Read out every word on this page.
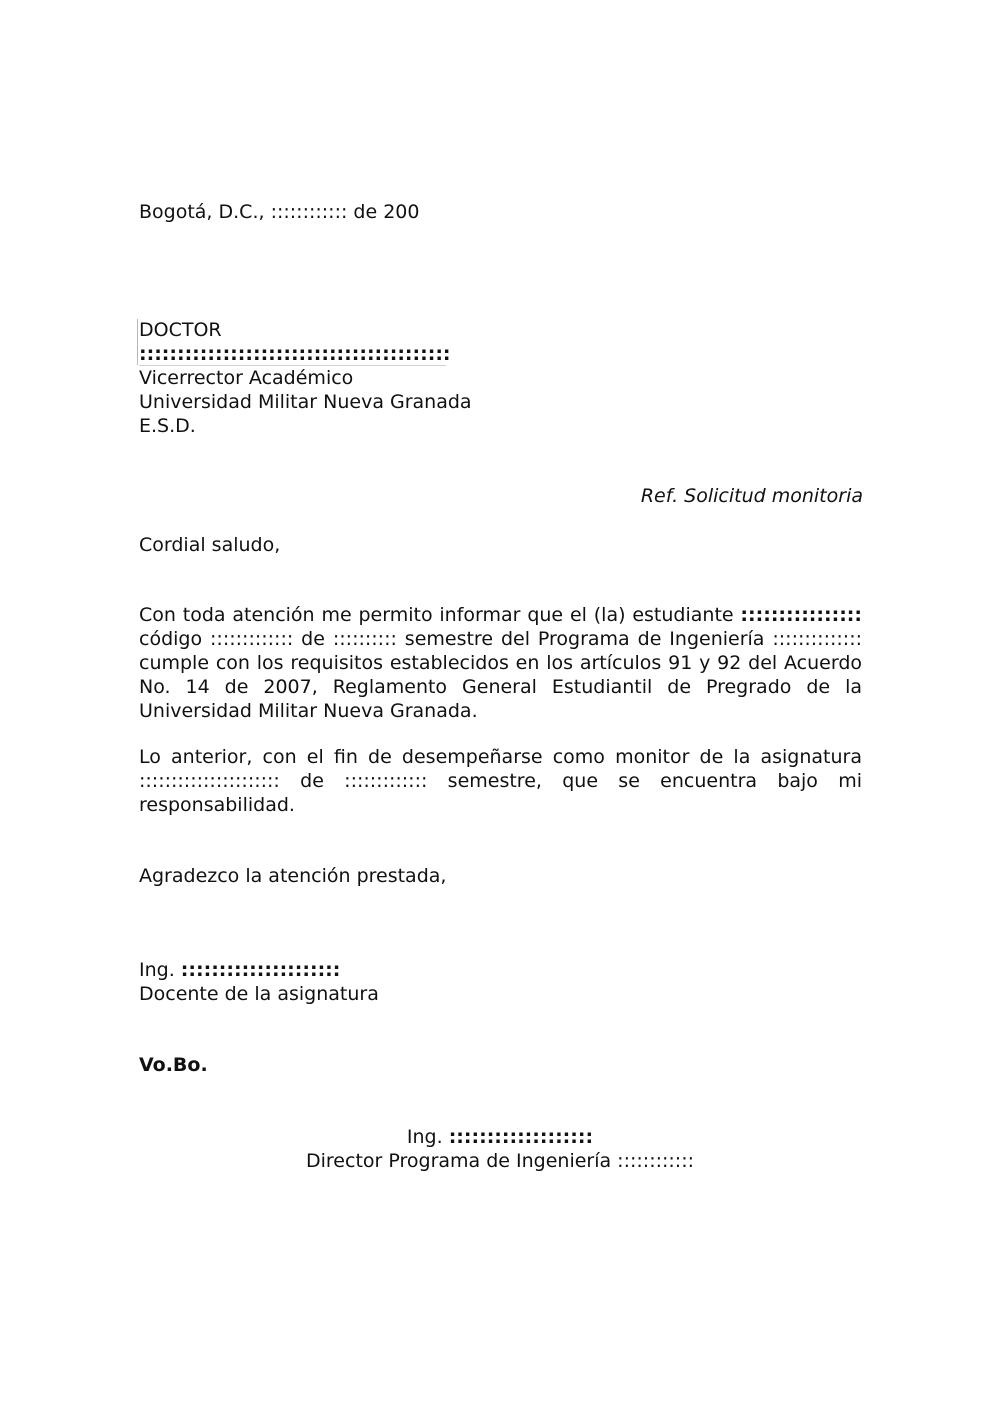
Bogotá, D.C., :::::::::::: de 200
DOCTOR
:::::::::::::::::::::::::::::::::::::::::
Vicerrector Académico
Universidad Militar Nueva Granada
E.S.D.
Ref. Solicitud monitoria
Cordial saludo,
Con toda atención me permito informar que el (la) estudiante :::::::::::::::: código ::::::::::::: de :::::::::: semestre del Programa de Ingeniería :::::::::::::: cumple con los requisitos establecidos en los artículos 91 y 92 del Acuerdo No. 14 de 2007, Reglamento General Estudiantil de Pregrado de la Universidad Militar Nueva Granada.
Lo anterior, con el fin de desempeñarse como monitor de la asignatura :::::::::::::::::::::: de ::::::::::::: semestre, que se encuentra bajo mi responsabilidad.
Agradezco la atención prestada,
Ing. :::::::::::::::::::::
Docente de la asignatura
Vo.Bo.
Ing. :::::::::::::::::::
Director Programa de Ingeniería ::::::::::::
